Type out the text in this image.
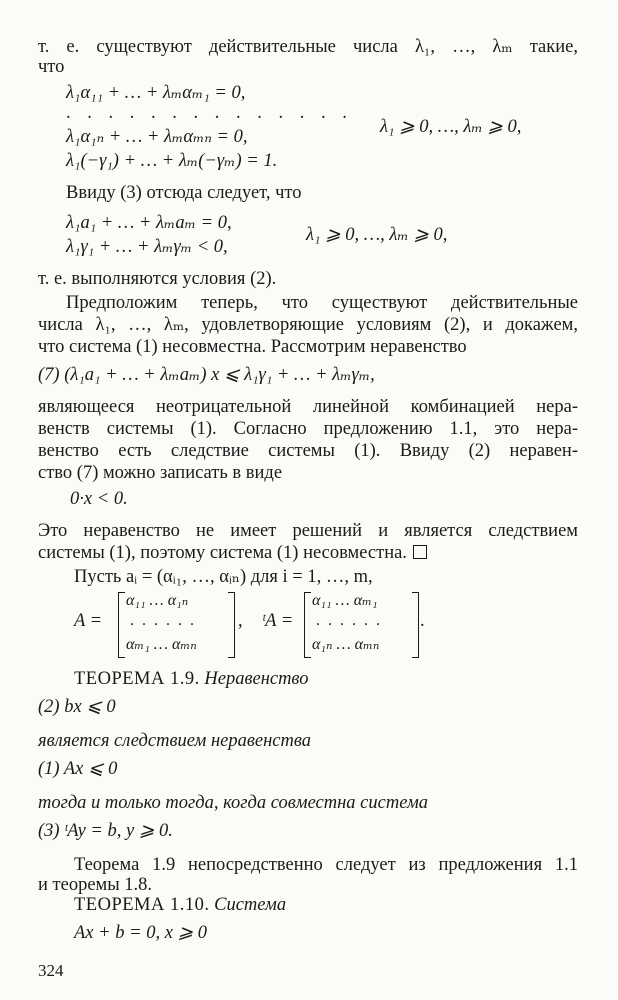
т. е. существуют действительные числа λ₁, …, λₘ такие,
что
λ₁α₁₁ + … + λₘαₘ₁ = 0,
. . . . . . . . . . . . . .
λ₁α₁ₙ + … + λₘαₘₙ = 0,
λ₁(−γ₁) + … + λₘ(−γₘ) = 1.
λ₁ ⩾ 0, …, λₘ ⩾ 0,
Ввиду (3) отсюда следует, что
λ₁a₁ + … + λₘaₘ = 0,
λ₁γ₁ + … + λₘγₘ < 0,
λ₁ ⩾ 0, …, λₘ ⩾ 0,
т. е. выполняются условия (2).
Предположим теперь, что существуют действительные
числа λ₁, …, λₘ, удовлетворяющие условиям (2), и докажем,
что система (1) несовместна. Рассмотрим неравенство
(7) (λ₁a₁ + … + λₘaₘ) x ⩽ λ₁γ₁ + … + λₘγₘ,
являющееся неотрицательной линейной комбинацией нера-
венств системы (1). Согласно предложению 1.1, это нера-
венство есть следствие системы (1). Ввиду (2) нерaвен-
ство (7) можно записать в виде
0·x < 0.
Это неравенство не имеет решений и является следствием
системы (1), поэтому система (1) несовместна.
Пусть aᵢ = (αᵢ₁, …, αᵢₙ) для i = 1, …, m,
A =
α₁₁ … α₁ₙ
. . . . . .
αₘ₁ … αₘₙ
, ᵗA =
α₁₁ … αₘ₁
. . . . . .
α₁ₙ … αₘₙ
.
ТЕОРЕМА 1.9. Неравенство
(2) bx ⩽ 0
является следствием неравенства
(1) Ax ⩽ 0
тогда и только тогда, когда совместна система
(3) ᵗAy = b, y ⩾ 0.
Теорема 1.9 непосредственно следует из предложения 1.1
и теоремы 1.8.
ТЕОРЕМА 1.10. Система
Ax + b = 0, x ⩾ 0
324
